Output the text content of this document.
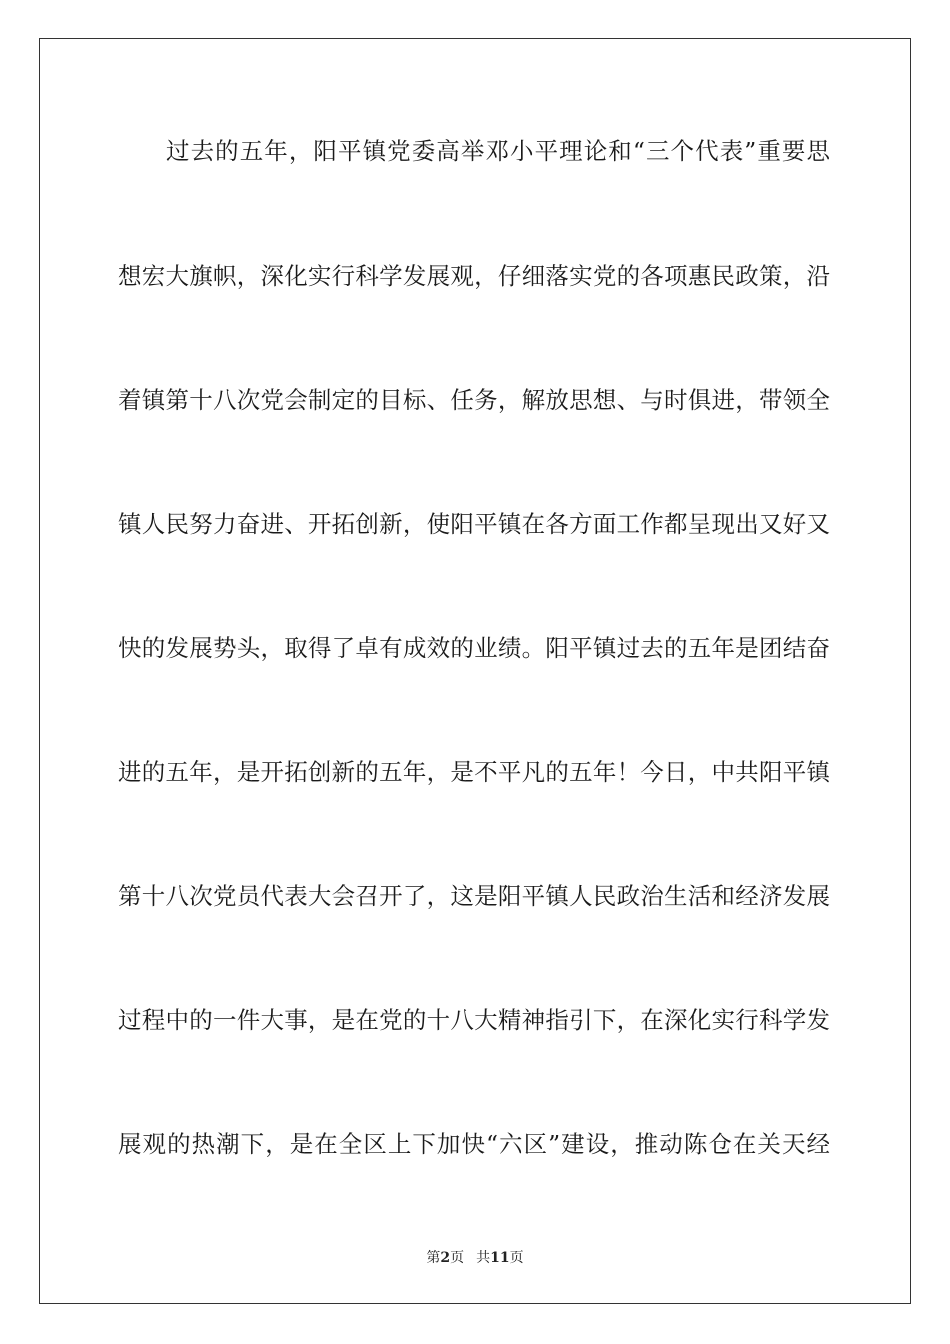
过去的五年，阳平镇党委高举邓小平理论和“三个代表”重要思
想宏大旗帜，深化实行科学发展观，仔细落实党的各项惠民政策，沿
着镇第十八次党会制定的目标、任务，解放思想、与时俱进，带领全
镇人民努力奋进、开拓创新，使阳平镇在各方面工作都呈现出又好又
快的发展势头，取得了卓有成效的业绩。阳平镇过去的五年是团结奋
进的五年，是开拓创新的五年，是不平凡的五年！今日，中共阳平镇
第十八次党员代表大会召开了，这是阳平镇人民政治生活和经济发展
过程中的一件大事，是在党的十八大精神指引下，在深化实行科学发
展观的热潮下，是在全区上下加快“六区”建设，推动陈仓在关天经
第2页 共11页
